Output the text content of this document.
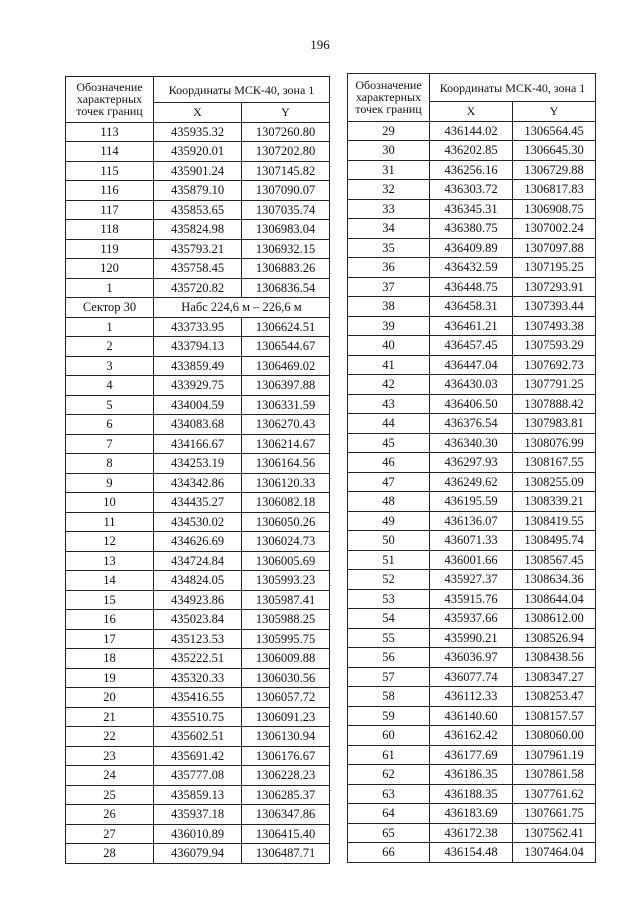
196
Обозначение
характерных
точек границ	Координаты МСК-40, зона 1	
	X	Y
113	435935.32	1307260.80
114	435920.01	1307202.80
115	435901.24	1307145.82
116	435879.10	1307090.07
117	435853.65	1307035.74
118	435824.98	1306983.04
119	435793.21	1306932.15
120	435758.45	1306883.26
1	435720.82	1306836.54
Сектор 30	Набс 224,6 м – 226,6 м	
1	433733.95	1306624.51
2	433794.13	1306544.67
3	433859.49	1306469.02
4	433929.75	1306397.88
5	434004.59	1306331.59
6	434083.68	1306270.43
7	434166.67	1306214.67
8	434253.19	1306164.56
9	434342.86	1306120.33
10	434435.27	1306082.18
11	434530.02	1306050.26
12	434626.69	1306024.73
13	434724.84	1306005.69
14	434824.05	1305993.23
15	434923.86	1305987.41
16	435023.84	1305988.25
17	435123.53	1305995.75
18	435222.51	1306009.88
19	435320.33	1306030.56
20	435416.55	1306057.72
21	435510.75	1306091.23
22	435602.51	1306130.94
23	435691.42	1306176.67
24	435777.08	1306228.23
25	435859.13	1306285.37
26	435937.18	1306347.86
27	436010.89	1306415.40
28	436079.94	1306487.71
Обозначение
характерных
точек границ	Координаты МСК-40, зона 1	
	X	Y
29	436144.02	1306564.45
30	436202.85	1306645.30
31	436256.16	1306729.88
32	436303.72	1306817.83
33	436345.31	1306908.75
34	436380.75	1307002.24
35	436409.89	1307097.88
36	436432.59	1307195.25
37	436448.75	1307293.91
38	436458.31	1307393.44
39	436461.21	1307493.38
40	436457.45	1307593.29
41	436447.04	1307692.73
42	436430.03	1307791.25
43	436406.50	1307888.42
44	436376.54	1307983.81
45	436340.30	1308076.99
46	436297.93	1308167.55
47	436249.62	1308255.09
48	436195.59	1308339.21
49	436136.07	1308419.55
50	436071.33	1308495.74
51	436001.66	1308567.45
52	435927.37	1308634.36
53	435915.76	1308644.04
54	435937.66	1308612.00
55	435990.21	1308526.94
56	436036.97	1308438.56
57	436077.74	1308347.27
58	436112.33	1308253.47
59	436140.60	1308157.57
60	436162.42	1308060.00
61	436177.69	1307961.19
62	436186.35	1307861.58
63	436188.35	1307761.62
64	436183.69	1307661.75
65	436172.38	1307562.41
66	436154.48	1307464.04
